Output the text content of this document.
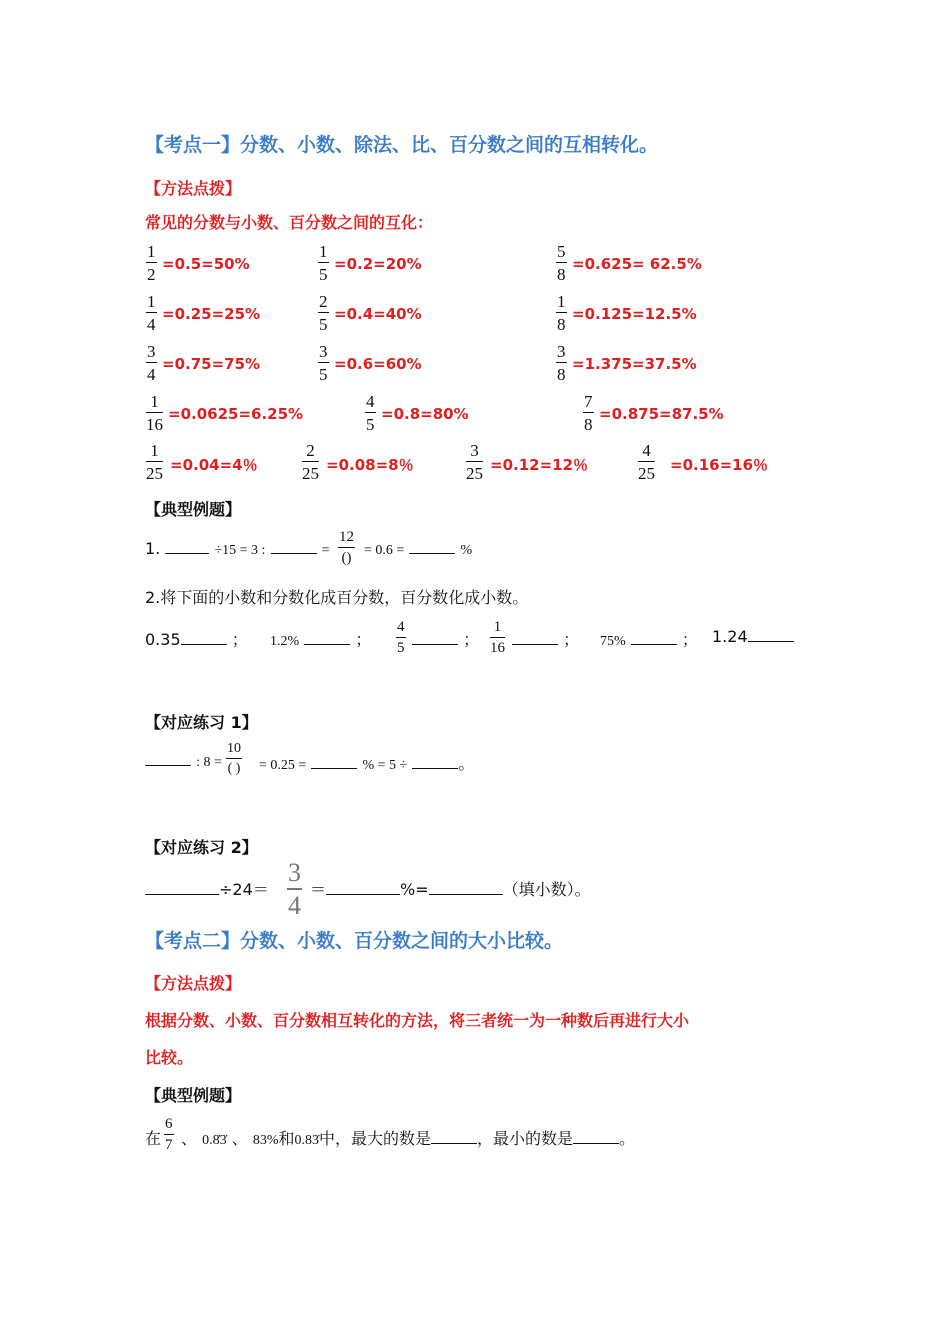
【考点一】分数、小数、除法、比、百分数之间的互相转化。
【方法点拨】
常见的分数与小数、百分数之间的互化：
$\frac{1}{2} =0.5=50\%$	$\frac{1}{5} =0.2=20\%$	$\frac{5}{8} =0.625= 62.5\%$
$\frac{1}{4} =0.25=25\%$	$\frac{2}{5} =0.4=40\%$	$\frac{1}{8} =0.125=12.5\%$
$\frac{3}{4} =0.75=75\%$	$\frac{3}{5} =0.6=60\%$	$\frac{3}{8} =1.375=37.5\%$
$\frac{1}{16} =0.0625=6.25\%$	$\frac{4}{5} =0.8=80\%$	$\frac{7}{8} =0.875=87.5\%$
$\frac{1}{25} =0.04=4$％	$\frac{2}{25} =0.08=8$％	$\frac{3}{25} =0.12=12$％	$\frac{4}{25} =0.16=16$％
【典型例题】
1.	÷15 = 3 :	=
12
() = 0.6 =	%
2.将下面的小数和分数化成百分数，百分数化成小数。
0.35	； 1.2%	； $\frac{4}{5}$	； $\frac{1}{16}$	； 75%	； 1.24
【对应练习 1】
: 8 =
10
( ) = 0.25 =	% = 5 ÷	。
【对应练习 2】
$\div 24= \frac{3}{4}$ ＝	%=	（填小数）。
【考点二】分数、小数、百分数之间的大小比较。
【方法点拨】
根据分数、小数、百分数相互转化的方法，将三者统一为一种数后再进行大小
比较。
【典型例题】
在 $\frac{6}{7}$ 、 0.8̇3̇ 、 83%和0.83̇中，最大的数是	，最小的数是	。
